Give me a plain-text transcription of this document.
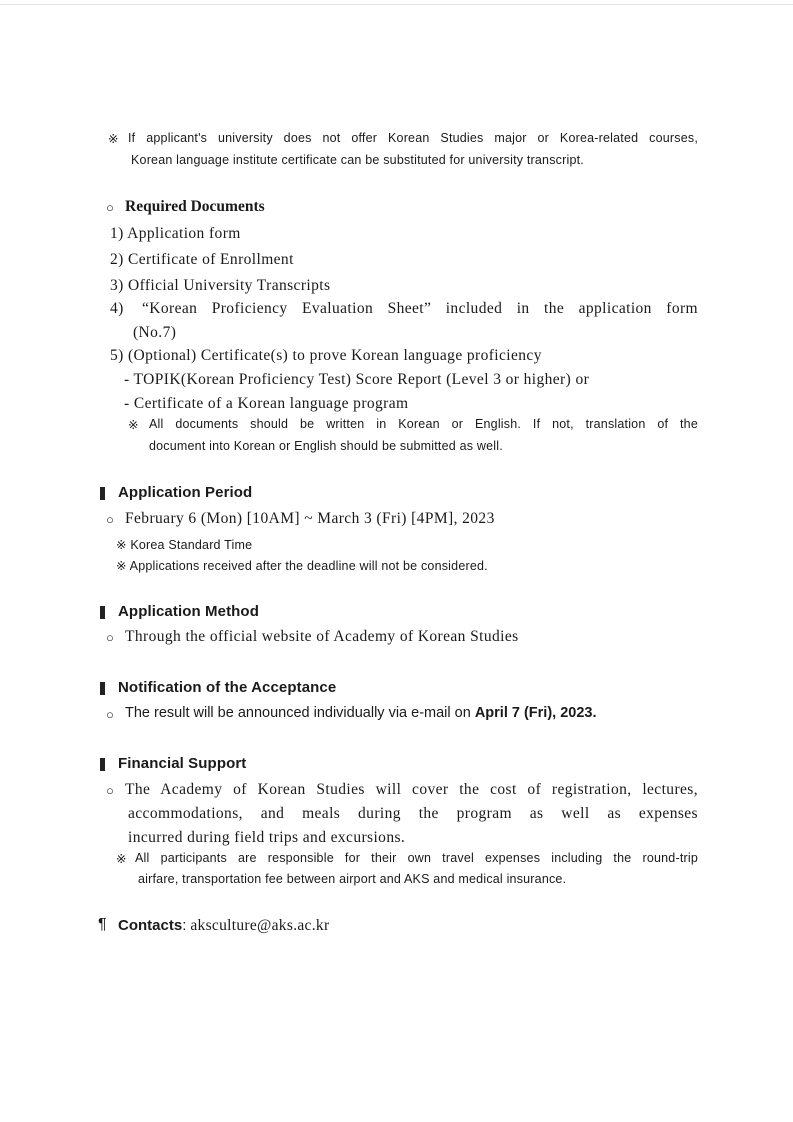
※ If applicant's university does not offer Korean Studies major or Korea-related courses,
Korean language institute certificate can be substituted for university transcript.
○ Required Documents
1) Application form
2) Certificate of Enrollment
3) Official University Transcripts
4) “Korean Proficiency Evaluation Sheet” included in the application form
(No.7)
5) (Optional) Certificate(s) to prove Korean language proficiency
- TOPIK(Korean Proficiency Test) Score Report (Level 3 or higher) or
- Certificate of a Korean language program
※ All documents should be written in Korean or English. If not, translation of the
document into Korean or English should be submitted as well.
Application Period
○ February 6 (Mon) [10AM] ~ March 3 (Fri) [4PM], 2023
※ Korea Standard Time
※ Applications received after the deadline will not be considered.
Application Method
○ Through the official website of Academy of Korean Studies
Notification of the Acceptance
○ The result will be announced individually via e-mail on April 7 (Fri), 2023.
Financial Support
○ The Academy of Korean Studies will cover the cost of registration, lectures,
accommodations, and meals during the program as well as expenses
incurred during field trips and excursions.
※ All participants are responsible for their own travel expenses including the round-trip
airfare, transportation fee between airport and AKS and medical insurance.
¶ Contacts: aksculture@aks.ac.kr
